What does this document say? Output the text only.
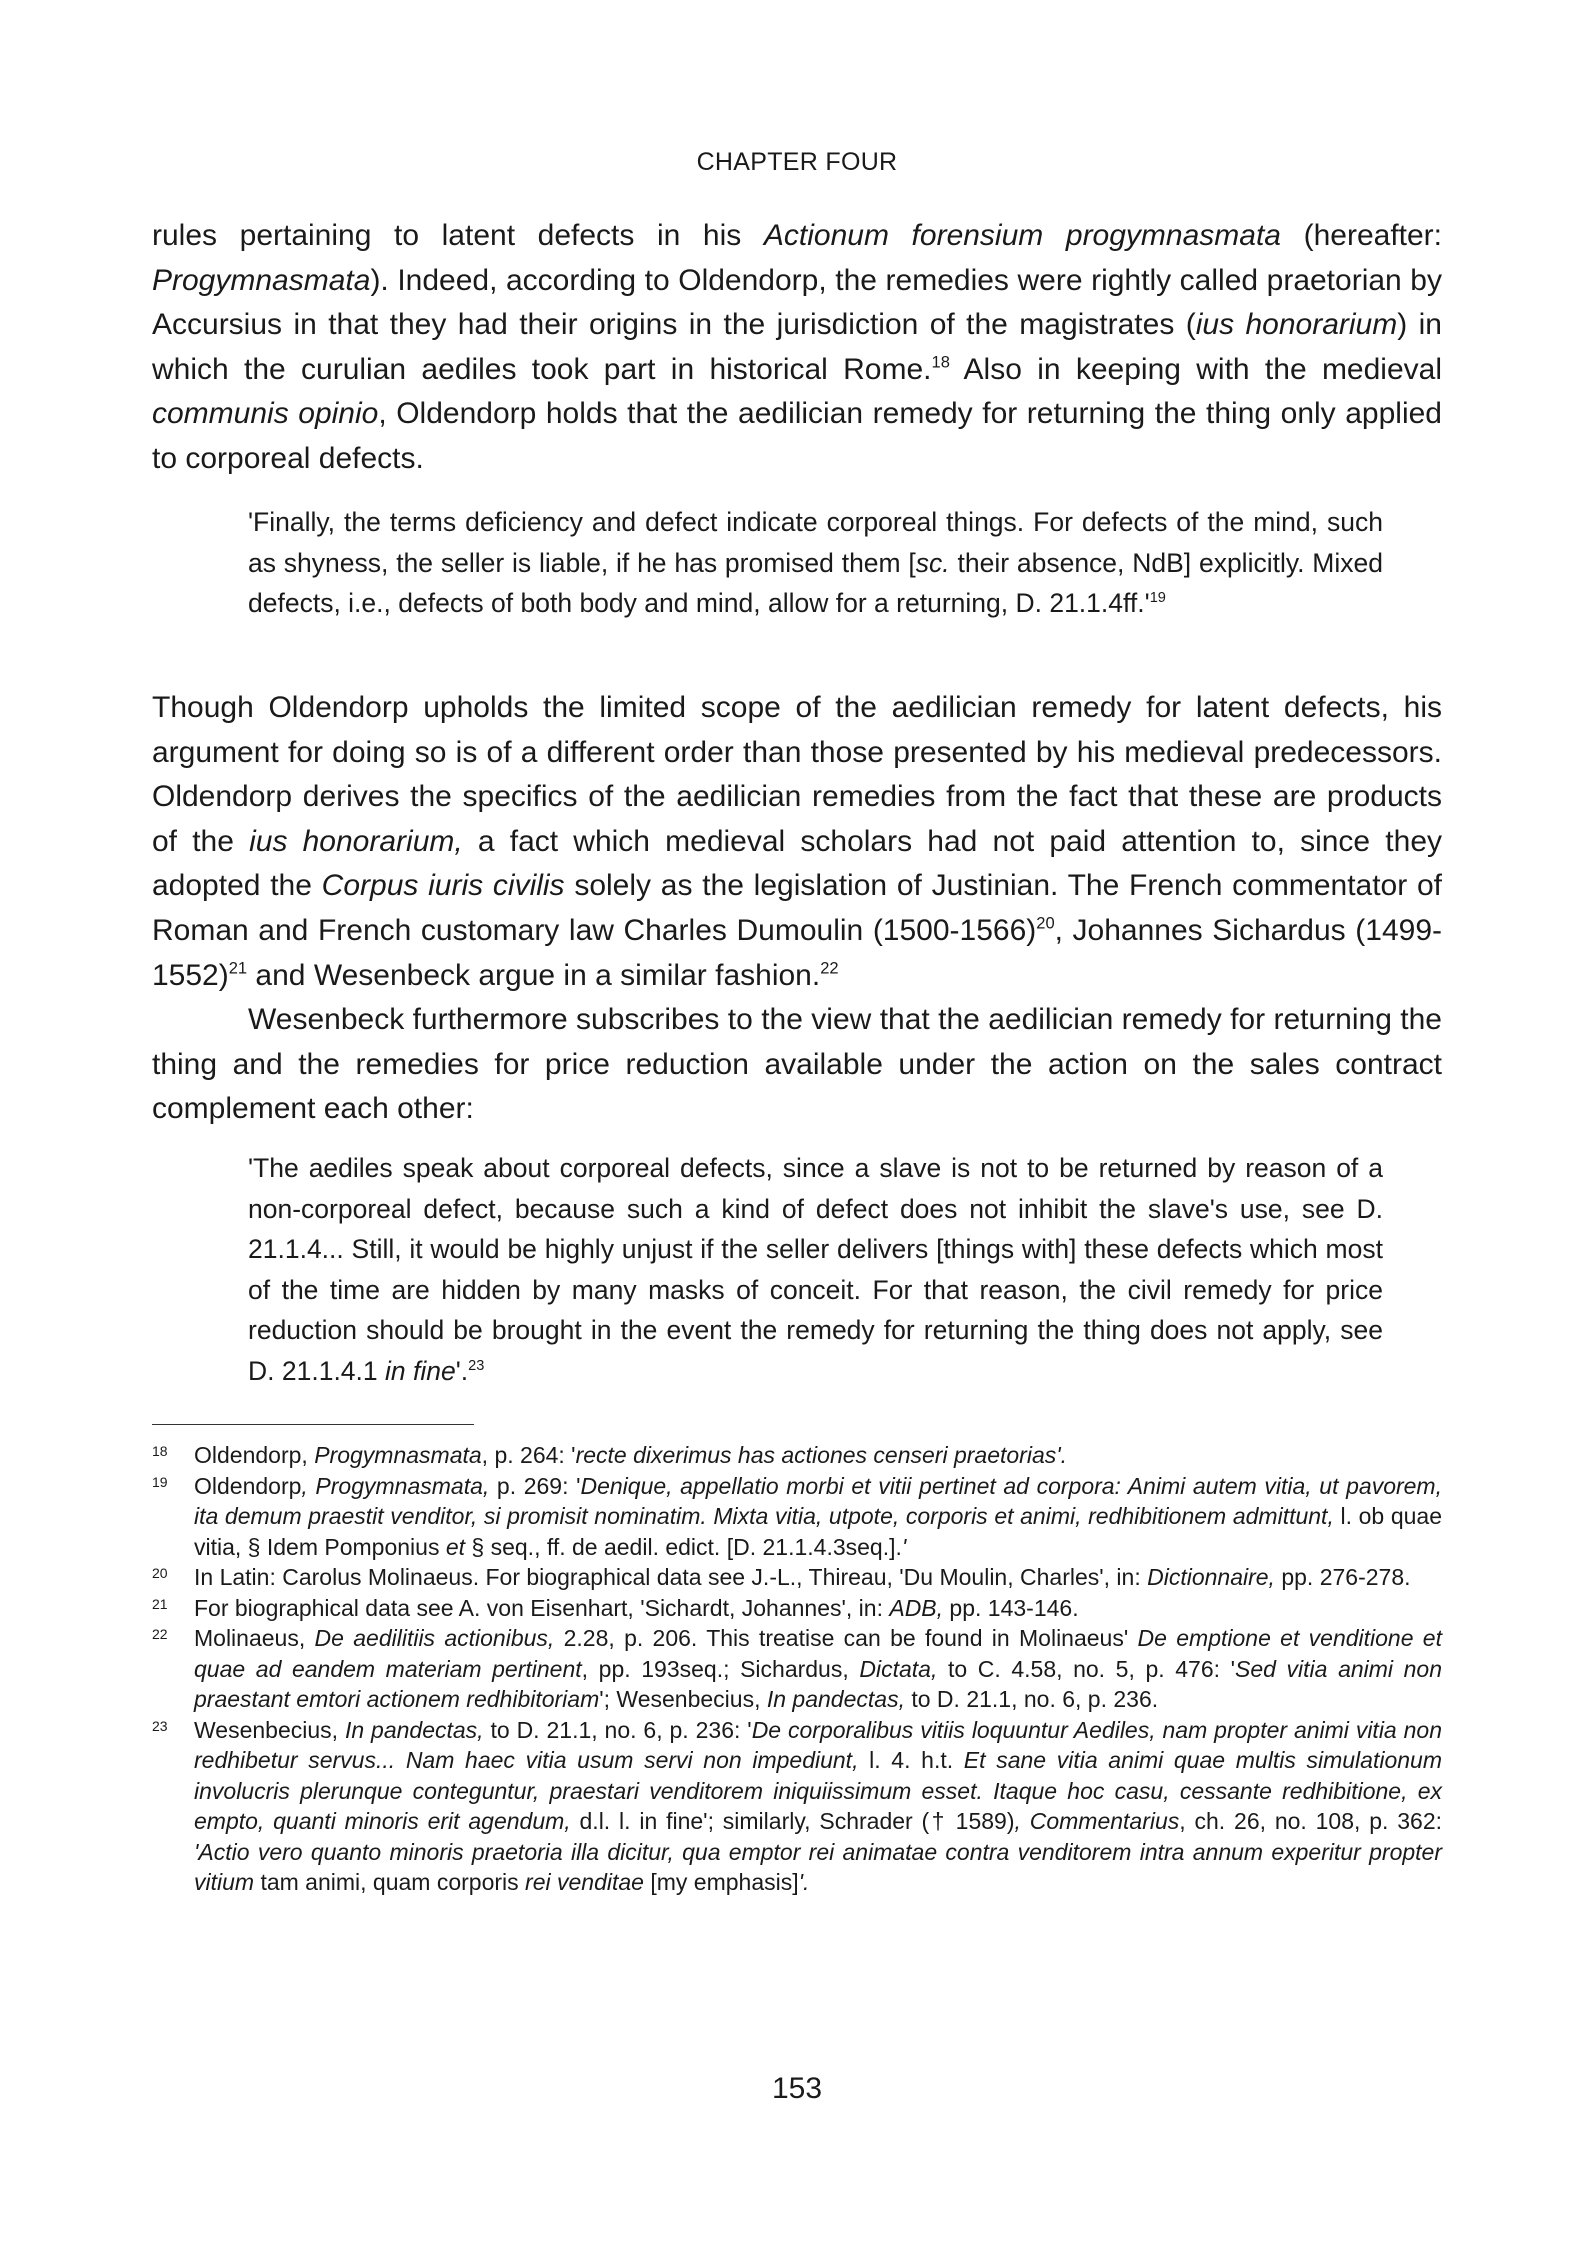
CHAPTER FOUR

rules pertaining to latent defects in his Actionum forensium progymnasmata (hereafter: Progymnasmata). Indeed, according to Oldendorp, the remedies were rightly called praetorian by Accursius in that they had their origins in the jurisdiction of the magistrates (ius honorarium) in which the curulian aediles took part in historical Rome.$^{18}$ Also in keeping with the medieval communis opinio, Oldendorp holds that the aedilician remedy for returning the thing only applied to corporeal defects.

'Finally, the terms deficiency and defect indicate corporeal things. For defects of the mind, such as shyness, the seller is liable, if he has promised them [sc. their absence, NdB] explicitly. Mixed defects, i.e., defects of both body and mind, allow for a returning, D. $21.1.4ff.'^{19}$

Though Oldendorp upholds the limited scope of the aedilician remedy for latent defects, his argument for doing so is of a different order than those presented by his medieval predecessors. Oldendorp derives the specifics of the aedilician remedies from the fact that these are products of the ius honorarium, a fact which medieval scholars had not paid attention to, since they adopted the Corpus iuris civilis solely as the legislation of Justinian. The French commentator of Roman and French customary law Charles Dumoulin (1500-1566)$^{20}$, Johannes Sichardus (1499-1552)$^{21}$ and Wesenbeck argue in a similar fashion.$^{22}$
Wesenbeck furthermore subscribes to the view that the aedilician remedy for returning the thing and the remedies for price reduction available under the action on the sales contract complement each other:

'The aediles speak about corporeal defects, since a slave is not to be returned by reason of a non-corporeal defect, because such a kind of defect does not inhibit the slave's use, see D. 21.1.4... Still, it would be highly unjust if the seller delivers [things with] these defects which most of the time are hidden by many masks of conceit. For that reason, the civil remedy for price reduction should be brought in the event the remedy for returning the thing does not apply, see D. 21.1.4.1 in fine'.$^{23}$

18 Oldendorp, Progymnasmata, p. 264: 'recte dixerimus has actiones censeri praetorias'.

19 Oldendorp, Progymnasmata, p. 269: 'Denique, appellatio morbi et vitii pertinet ad corpora: Animi autem vitia, ut pavorem, ita demum praestit venditor, si promisit nominatim. Mixta vitia, utpote, corporis et animi, redhibitionem admittunt, l. ob quae vitia, § Idem Pomponius et § seq., ff. de aedil. edict. [D. 21.1.4.3seq.].'

20 In Latin: Carolus Molinaeus. For biographical data see J.-L., Thireau, 'Du Moulin, Charles', in: Dictionnaire, pp. 276-278.

21 For biographical data see A. von Eisenhart, 'Sichardt, Johannes', in: ADB, pp. 143-146.

22 Molinaeus, De aedilitiis actionibus, 2.28, p. 206. This treatise can be found in Molinaeus' De emptione et venditione et quae ad eandem materiam pertinent, pp. 193seq.; Sichardus, Dictata, to C. 4.58, no. 5, p. 476: 'Sed vitia animi non praestant emtori actionem redhibitoriam'; Wesenbecius, In pandectas, to D. 21.1, no. 6, p. 236.

23 Wesenbecius, In pandectas, to D. 21.1, no. 6, p. 236: 'De corporalibus vitiis loquuntur Aediles, nam propter animi vitia non redhibetur servus... Nam haec vitia usum servi non impediunt, l. 4. h.t. Et sane vitia animi quae multis simulationum involucris plerunque conteguntur, praestari venditorem iniquiissimum esset. Itaque hoc casu, cessante redhibitione, ex empto, quanti minoris erit agendum, d.l. l. in fine'; similarly, Schrader († 1589), Commentarius, ch. 26, no. 108, p. 362: 'Actio vero quanto minoris praetoria illa dicitur, qua emptor rei animatae contra venditorem intra annum experitur propter vitium tam animi, quam corporis rei venditae [my emphasis]'.

153
